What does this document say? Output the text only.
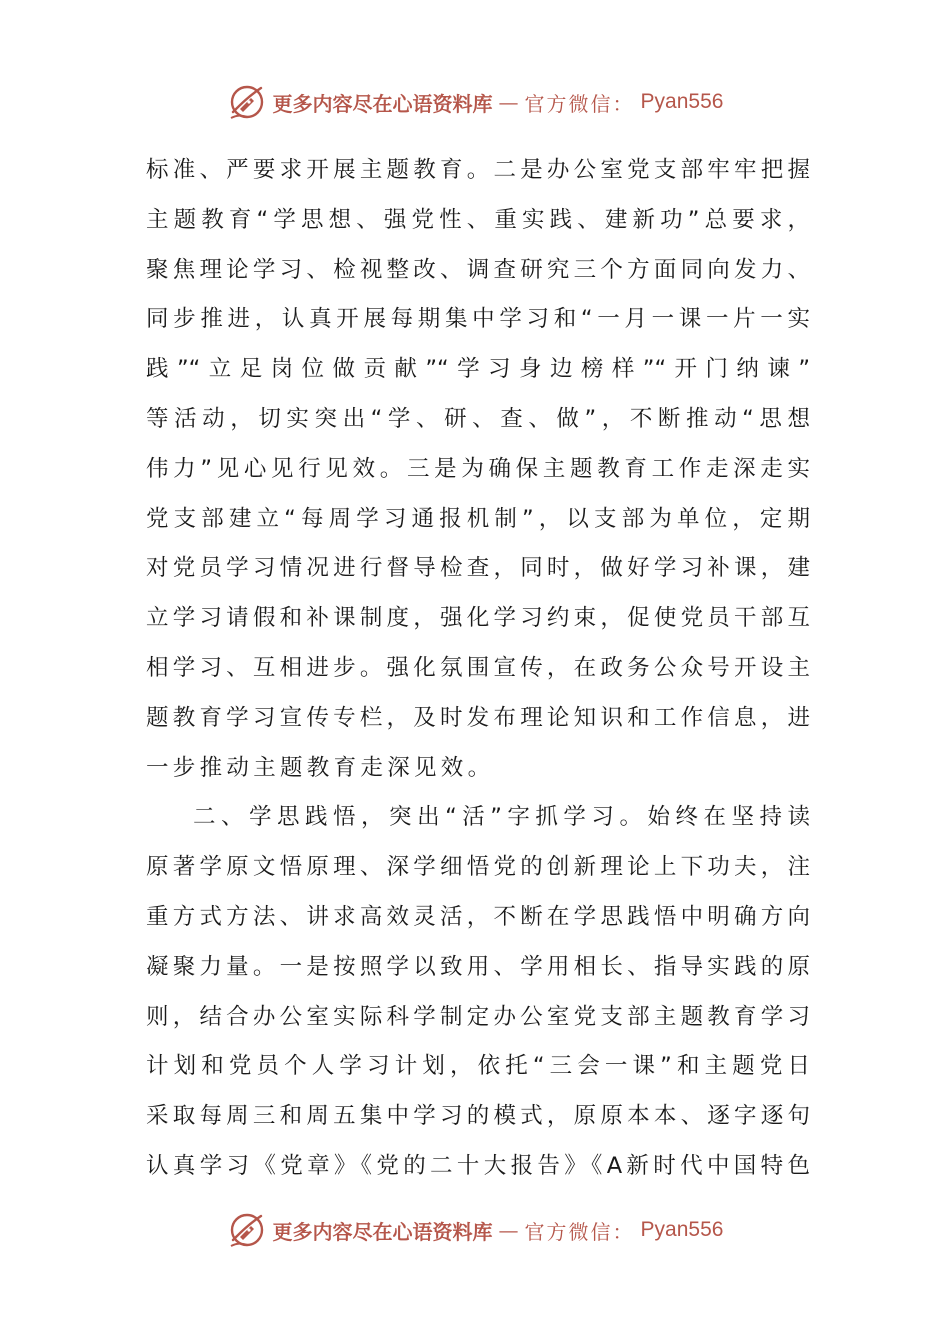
更多内容尽在心语资料库 — 官方微信： Pyan556
标准、严要求开展主题教育。二是办公室党支部牢牢把握
主题教育“学思想、强党性、重实践、建新功”总要求，
聚焦理论学习、检视整改、调查研究三个方面同向发力、
同步推进，认真开展每期集中学习和“一月一课一片一实
践”“立足岗位做贡献”“学习身边榜样”“开门纳谏”
等活动，切实突出“学、研、查、做”，不断推动“思想
伟力”见心见行见效。三是为确保主题教育工作走深走实
党支部建立“每周学习通报机制”，以支部为单位，定期
对党员学习情况进行督导检查，同时，做好学习补课，建
立学习请假和补课制度，强化学习约束，促使党员干部互
相学习、互相进步。强化氛围宣传，在政务公众号开设主
题教育学习宣传专栏，及时发布理论知识和工作信息，进
一步推动主题教育走深见效。
二、学思践悟，突出“活”字抓学习。始终在坚持读
原著学原文悟原理、深学细悟党的创新理论上下功夫，注
重方式方法、讲求高效灵活，不断在学思践悟中明确方向
凝聚力量。一是按照学以致用、学用相长、指导实践的原
则，结合办公室实际科学制定办公室党支部主题教育学习
计划和党员个人学习计划，依托“三会一课”和主题党日
采取每周三和周五集中学习的模式，原原本本、逐字逐句
认真学习《党章》《党的二十大报告》《A新时代中国特色
更多内容尽在心语资料库 — 官方微信： Pyan556
